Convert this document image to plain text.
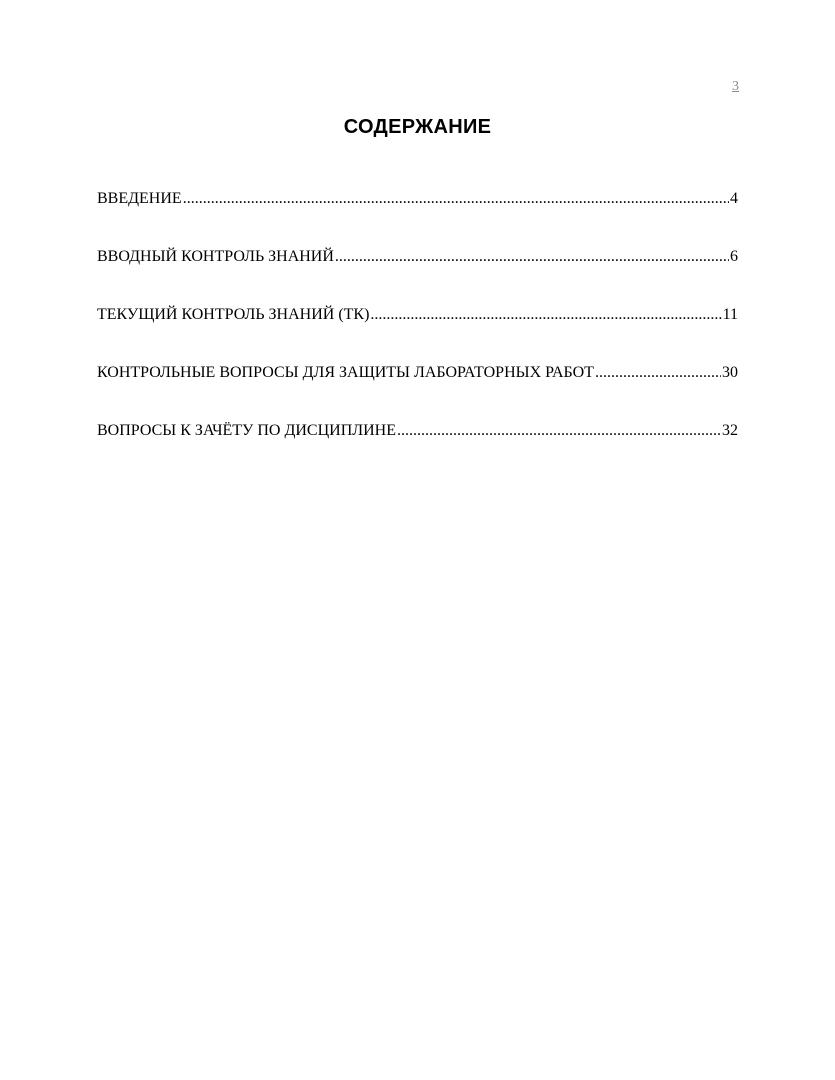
3
СОДЕРЖАНИЕ
ВВЕДЕНИЕ .....	4
ВВОДНЫЙ КОНТРОЛЬ ЗНАНИЙ .....	6
ТЕКУЩИЙ КОНТРОЛЬ ЗНАНИЙ (ТК) .....	11
КОНТРОЛЬНЫЕ ВОПРОСЫ ДЛЯ ЗАЩИТЫ ЛАБОРАТОРНЫХ РАБОТ .....	30
ВОПРОСЫ К ЗАЧЁТУ ПО ДИСЦИПЛИНЕ .....	32
